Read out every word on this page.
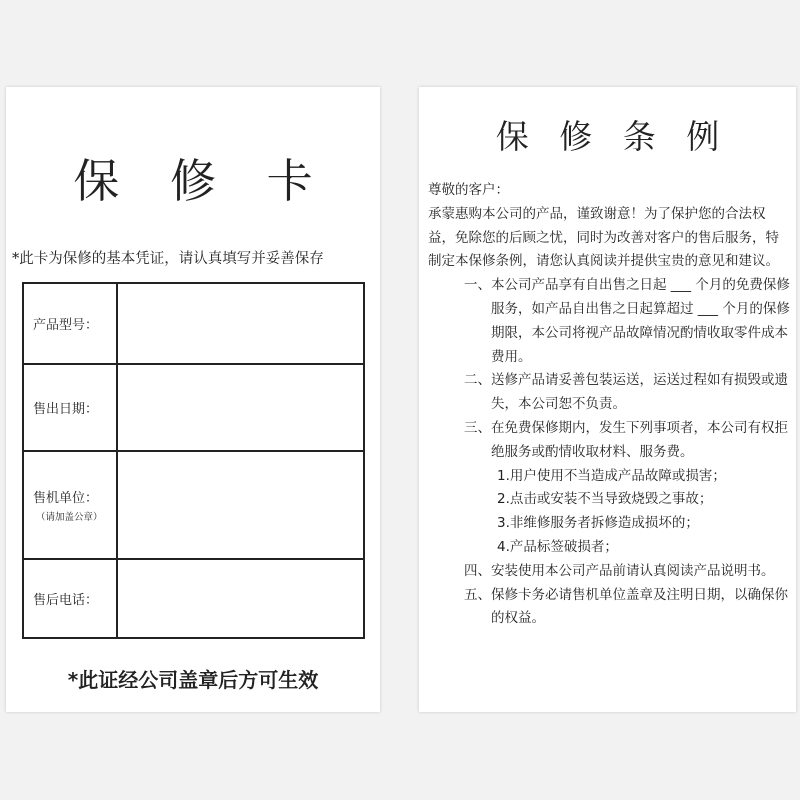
保 修 卡
*此卡为保修的基本凭证，请认真填写并妥善保存
产品型号：
售出日期：
售机单位：
（请加盖公章）
售后电话：
*此证经公司盖章后方可生效
保 修 条 例
尊敬的客户：
承蒙惠购本公司的产品，谨致谢意！为了保护您的合法权益，免除您的后顾之忧，同时为改善对客户的售后服务，特制定本保修条例，请您认真阅读并提供宝贵的意见和建议。
一、 本公司产品享有自出售之日起 ___ 个月的免费保修服务，如产品自出售之日起算超过 ___ 个月的保修期限，本公司将视产品故障情况酌情收取零件成本费用。
二、 送修产品请妥善包装运送，运送过程如有损毁或遗失，本公司恕不负责。
三、 在免费保修期内，发生下列事项者，本公司有权拒绝服务或酌情收取材料、服务费。
1.用户使用不当造成产品故障或损害；
2.点击或安装不当导致烧毁之事故；
3.非维修服务者拆修造成损坏的；
4.产品标签破损者；
四、 安装使用本公司产品前请认真阅读产品说明书。
五、 保修卡务必请售机单位盖章及注明日期，以确保你的权益。
